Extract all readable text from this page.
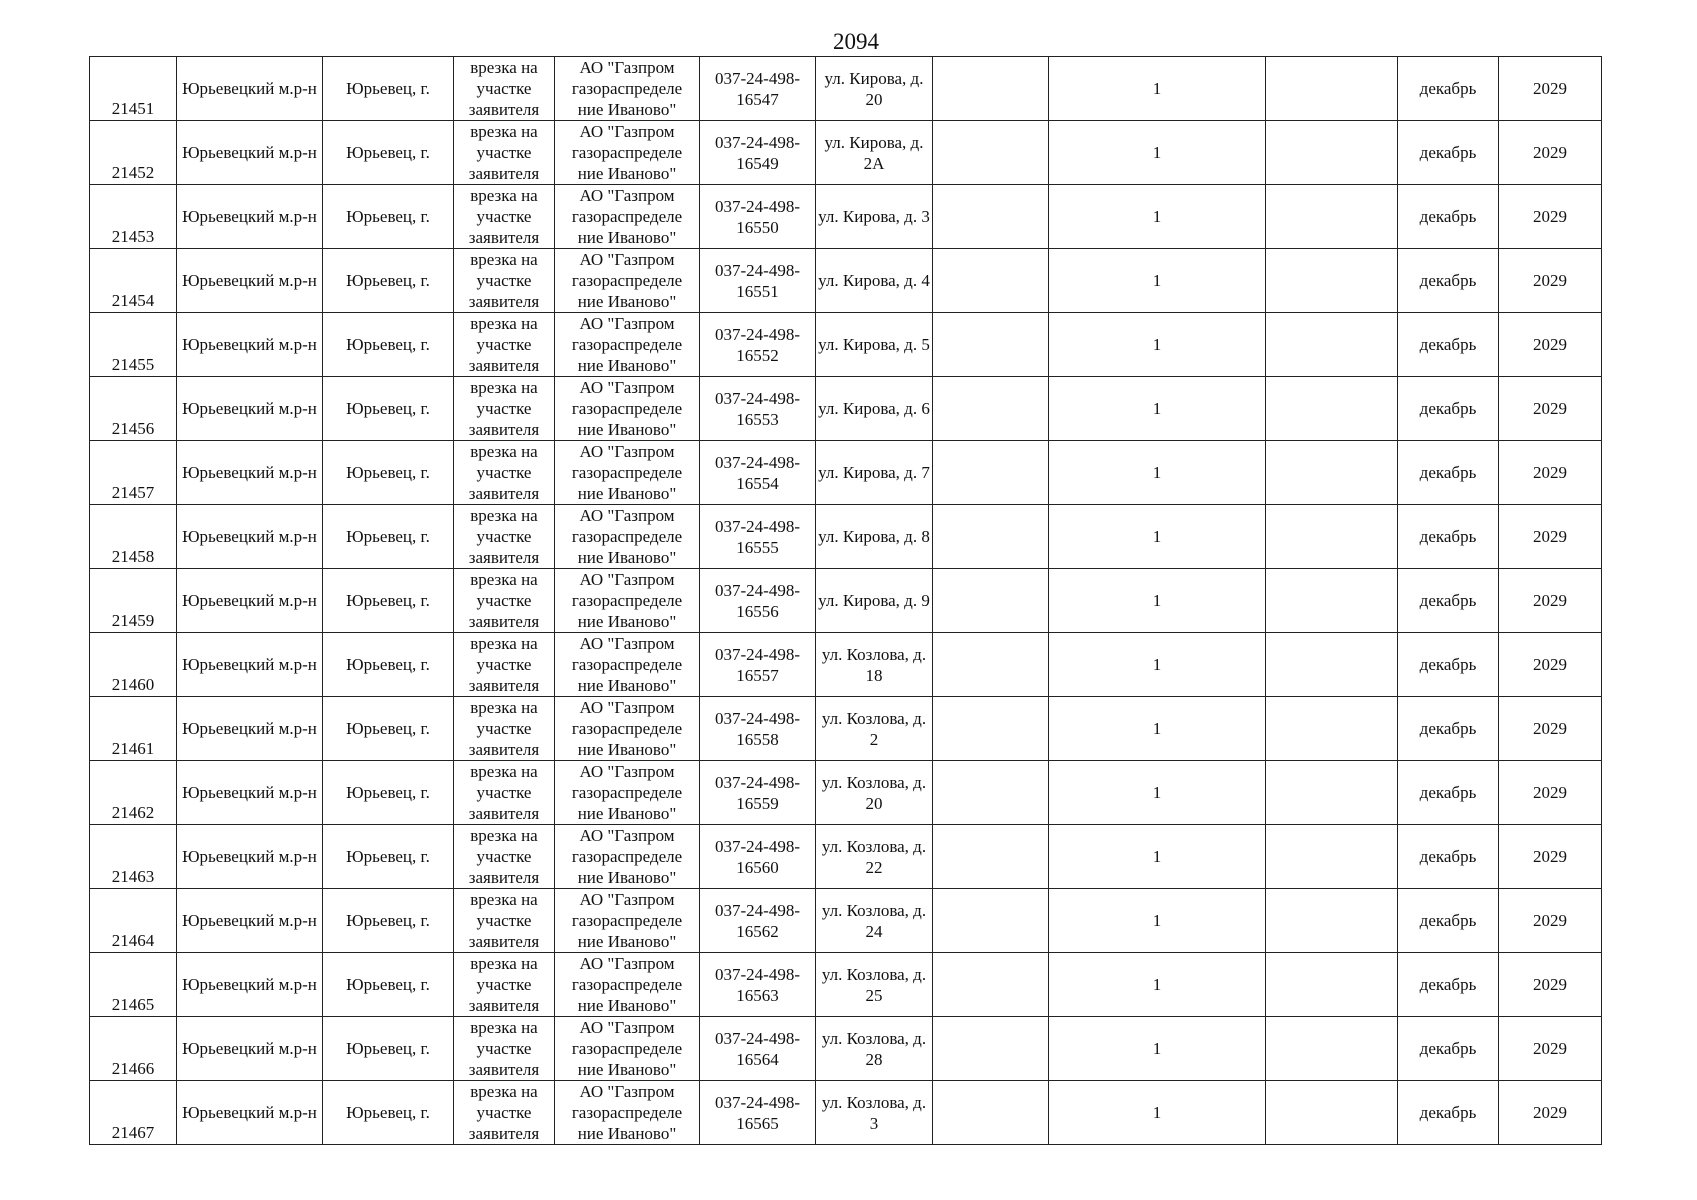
2094
21451	Юрьевецкий м.р-н	Юрьевец, г.	врезка на участке заявителя	АО "Газпром газораспределе ние Иваново"	037-24-498-16547	ул. Кирова, д. 20		1		декабрь	2029

21452	Юрьевецкий м.р-н	Юрьевец, г.	врезка на участке заявителя	АО "Газпром газораспределе ние Иваново"	037-24-498-16549	ул. Кирова, д. 2А		1		декабрь	2029

21453	Юрьевецкий м.р-н	Юрьевец, г.	врезка на участке заявителя	АО "Газпром газораспределе ние Иваново"	037-24-498-16550	ул. Кирова, д. 3		1		декабрь	2029

21454	Юрьевецкий м.р-н	Юрьевец, г.	врезка на участке заявителя	АО "Газпром газораспределе ние Иваново"	037-24-498-16551	ул. Кирова, д. 4		1		декабрь	2029

21455	Юрьевецкий м.р-н	Юрьевец, г.	врезка на участке заявителя	АО "Газпром газораспределе ние Иваново"	037-24-498-16552	ул. Кирова, д. 5		1		декабрь	2029

21456	Юрьевецкий м.р-н	Юрьевец, г.	врезка на участке заявителя	АО "Газпром газораспределе ние Иваново"	037-24-498-16553	ул. Кирова, д. 6		1		декабрь	2029

21457	Юрьевецкий м.р-н	Юрьевец, г.	врезка на участке заявителя	АО "Газпром газораспределе ние Иваново"	037-24-498-16554	ул. Кирова, д. 7		1		декабрь	2029

21458	Юрьевецкий м.р-н	Юрьевец, г.	врезка на участке заявителя	АО "Газпром газораспределе ние Иваново"	037-24-498-16555	ул. Кирова, д. 8		1		декабрь	2029

21459	Юрьевецкий м.р-н	Юрьевец, г.	врезка на участке заявителя	АО "Газпром газораспределе ние Иваново"	037-24-498-16556	ул. Кирова, д. 9		1		декабрь	2029

21460	Юрьевецкий м.р-н	Юрьевец, г.	врезка на участке заявителя	АО "Газпром газораспределе ние Иваново"	037-24-498-16557	ул. Козлова, д. 18		1		декабрь	2029

21461	Юрьевецкий м.р-н	Юрьевец, г.	врезка на участке заявителя	АО "Газпром газораспределе ние Иваново"	037-24-498-16558	ул. Козлова, д. 2		1		декабрь	2029

21462	Юрьевецкий м.р-н	Юрьевец, г.	врезка на участке заявителя	АО "Газпром газораспределе ние Иваново"	037-24-498-16559	ул. Козлова, д. 20		1		декабрь	2029

21463	Юрьевецкий м.р-н	Юрьевец, г.	врезка на участке заявителя	АО "Газпром газораспределе ние Иваново"	037-24-498-16560	ул. Козлова, д. 22		1		декабрь	2029

21464	Юрьевецкий м.р-н	Юрьевец, г.	врезка на участке заявителя	АО "Газпром газораспределе ние Иваново"	037-24-498-16562	ул. Козлова, д. 24		1		декабрь	2029

21465	Юрьевецкий м.р-н	Юрьевец, г.	врезка на участке заявителя	АО "Газпром газораспределе ние Иваново"	037-24-498-16563	ул. Козлова, д. 25		1		декабрь	2029

21466	Юрьевецкий м.р-н	Юрьевец, г.	врезка на участке заявителя	АО "Газпром газораспределе ние Иваново"	037-24-498-16564	ул. Козлова, д. 28		1		декабрь	2029

21467	Юрьевецкий м.р-н	Юрьевец, г.	врезка на участке заявителя	АО "Газпром газораспределе ние Иваново"	037-24-498-16565	ул. Козлова, д. 3		1		декабрь	2029
